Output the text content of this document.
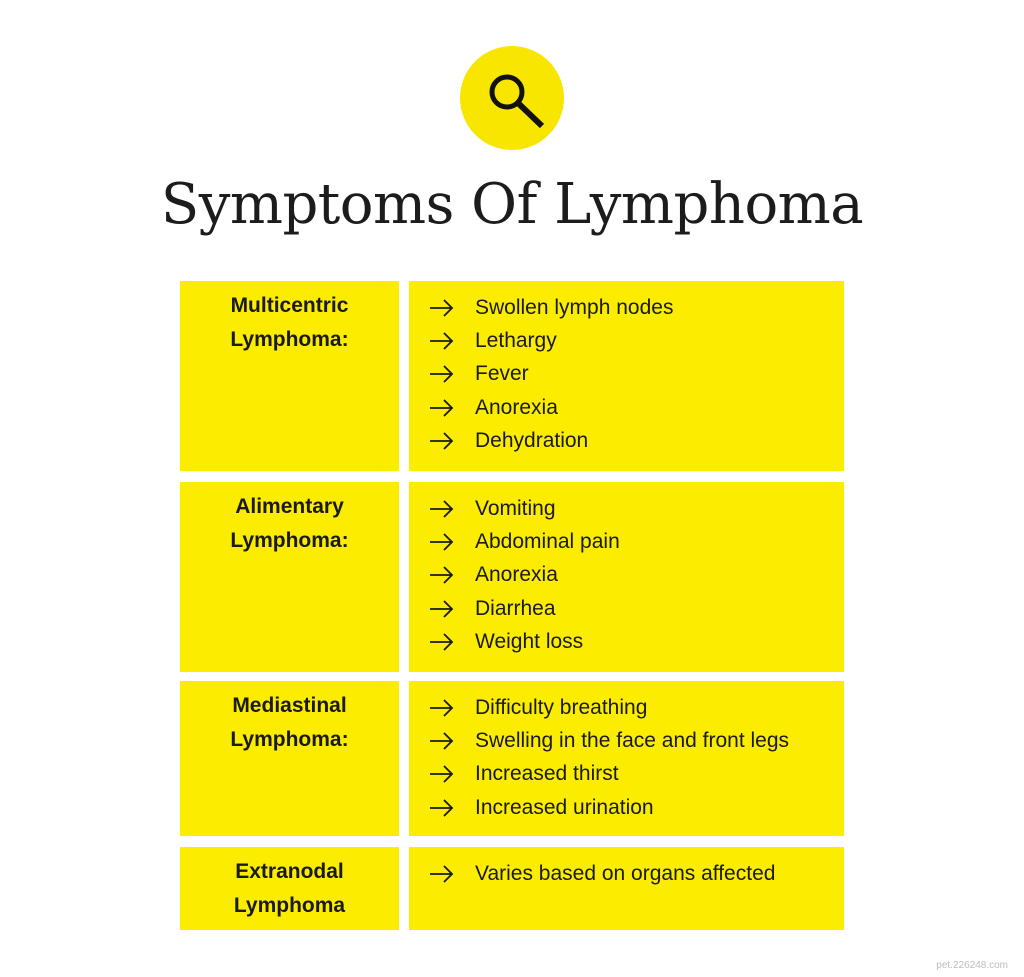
Symptoms Of Lymphoma
Multicentric
Lymphoma:
Swollen lymph nodes
Lethargy
Fever
Anorexia
Dehydration
Alimentary
Lymphoma:
Vomiting
Abdominal pain
Anorexia
Diarrhea
Weight loss
Mediastinal
Lymphoma:
Difficulty breathing
Swelling in the face and front legs
Increased thirst
Increased urination
Extranodal
Lymphoma
Varies based on organs affected
pet.226248.com
